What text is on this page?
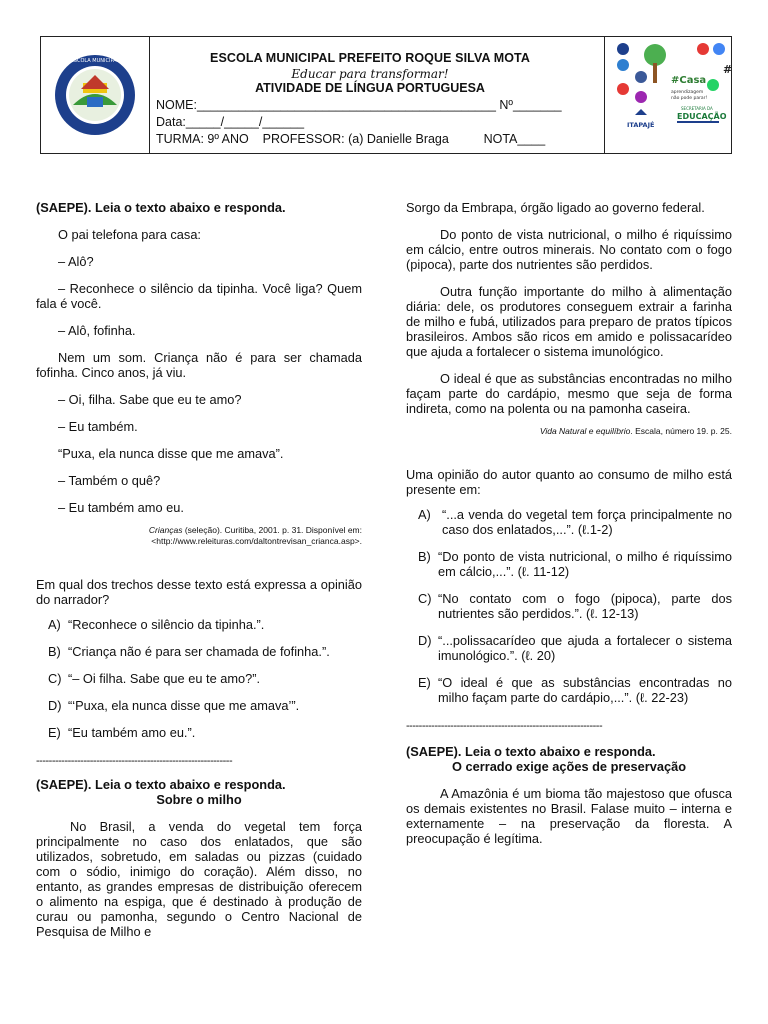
ESCOLA MUNICIPAL	ESCOLA MUNICIPAL PREFEITO ROQUE SILVA MOTA
Educar para transformar!
ATIVIDADE DE LÍNGUA PORTUGUESA
NOME:___________________________________________ Nº_______
Data:_____/_____/______
TURMA: 9º ANO    PROFESSOR: (a) Danielle Braga          NOTA____
#Casa
#
aprendizagem
não pode parar!
ITAPAJÉ
SECRETARIA DA
EDUCAÇÃO

(SAEPE). Leia o texto abaixo e responda.

O pai telefona para casa:

– Alô?

– Reconhece o silêncio da tipinha. Você liga? Quem fala é você.

– Alô, fofinha.

Nem um som. Criança não é para ser chamada fofinha. Cinco anos, já viu.

– Oi, filha. Sabe que eu te amo?

– Eu também.

“Puxa, ela nunca disse que me amava”.

– Também o quê?

– Eu também amo eu.

Crianças (seleção). Curitiba, 2001. p. 31. Disponível em:

<http://www.releituras.com/daltontrevisan_crianca.asp>.

Em qual dos trechos desse texto está expressa a opinião do narrador?

A) “Reconhece o silêncio da tipinha.”.
B) “Criança não é para ser chamada de fofinha.”.
C) “– Oi filha. Sabe que eu te amo?”.
D) “‘Puxa, ela nunca disse que me amava’”.
E) “Eu também amo eu.”.

--------------------------------------------------------------

(SAEPE). Leia o texto abaixo e responda.

Sobre o milho

No Brasil, a venda do vegetal tem força principalmente no caso dos enlatados, que são utilizados, sobretudo, em saladas ou pizzas (cuidado com o sódio, inimigo do coração). Além disso, no entanto, as grandes empresas de distribuição oferecem o alimento na espiga, que é destinado à produção de curau ou pamonha, segundo o Centro Nacional de Pesquisa de Milho e

Sorgo da Embrapa, órgão ligado ao governo federal.

Do ponto de vista nutricional, o milho é riquíssimo em cálcio, entre outros minerais. No contato com o fogo (pipoca), parte dos nutrientes são perdidos.

Outra função importante do milho à alimentação diária: dele, os produtores conseguem extrair a farinha de milho e fubá, utilizados para preparo de pratos típicos brasileiros. Ambos são ricos em amido e polissacarídeo que ajuda a fortalecer o sistema imunológico.

O ideal é que as substâncias encontradas no milho façam parte do cardápio, mesmo que seja de forma indireta, como na polenta ou na pamonha caseira.

Vida Natural e equilíbrio. Escala, número 19. p. 25.

Uma opinião do autor quanto ao consumo de milho está presente em:

A) “...a venda do vegetal tem força principalmente no caso dos enlatados,...”. (ℓ.1-2)
B) “Do ponto de vista nutricional, o milho é riquíssimo em cálcio,...”. (ℓ. 11-12)
C) “No contato com o fogo (pipoca), parte dos nutrientes são perdidos.”. (ℓ. 12-13)
D) “...polissacarídeo que ajuda a fortalecer o sistema imunológico.”. (ℓ. 20)
E) “O ideal é que as substâncias encontradas no milho façam parte do cardápio,...”. (ℓ. 22-23)

--------------------------------------------------------------

(SAEPE). Leia o texto abaixo e responda.

O cerrado exige ações de preservação

A Amazônia é um bioma tão majestoso que ofusca os demais existentes no Brasil. Falase muito – interna e externamente – na preservação da floresta. A preocupação é legítima.
